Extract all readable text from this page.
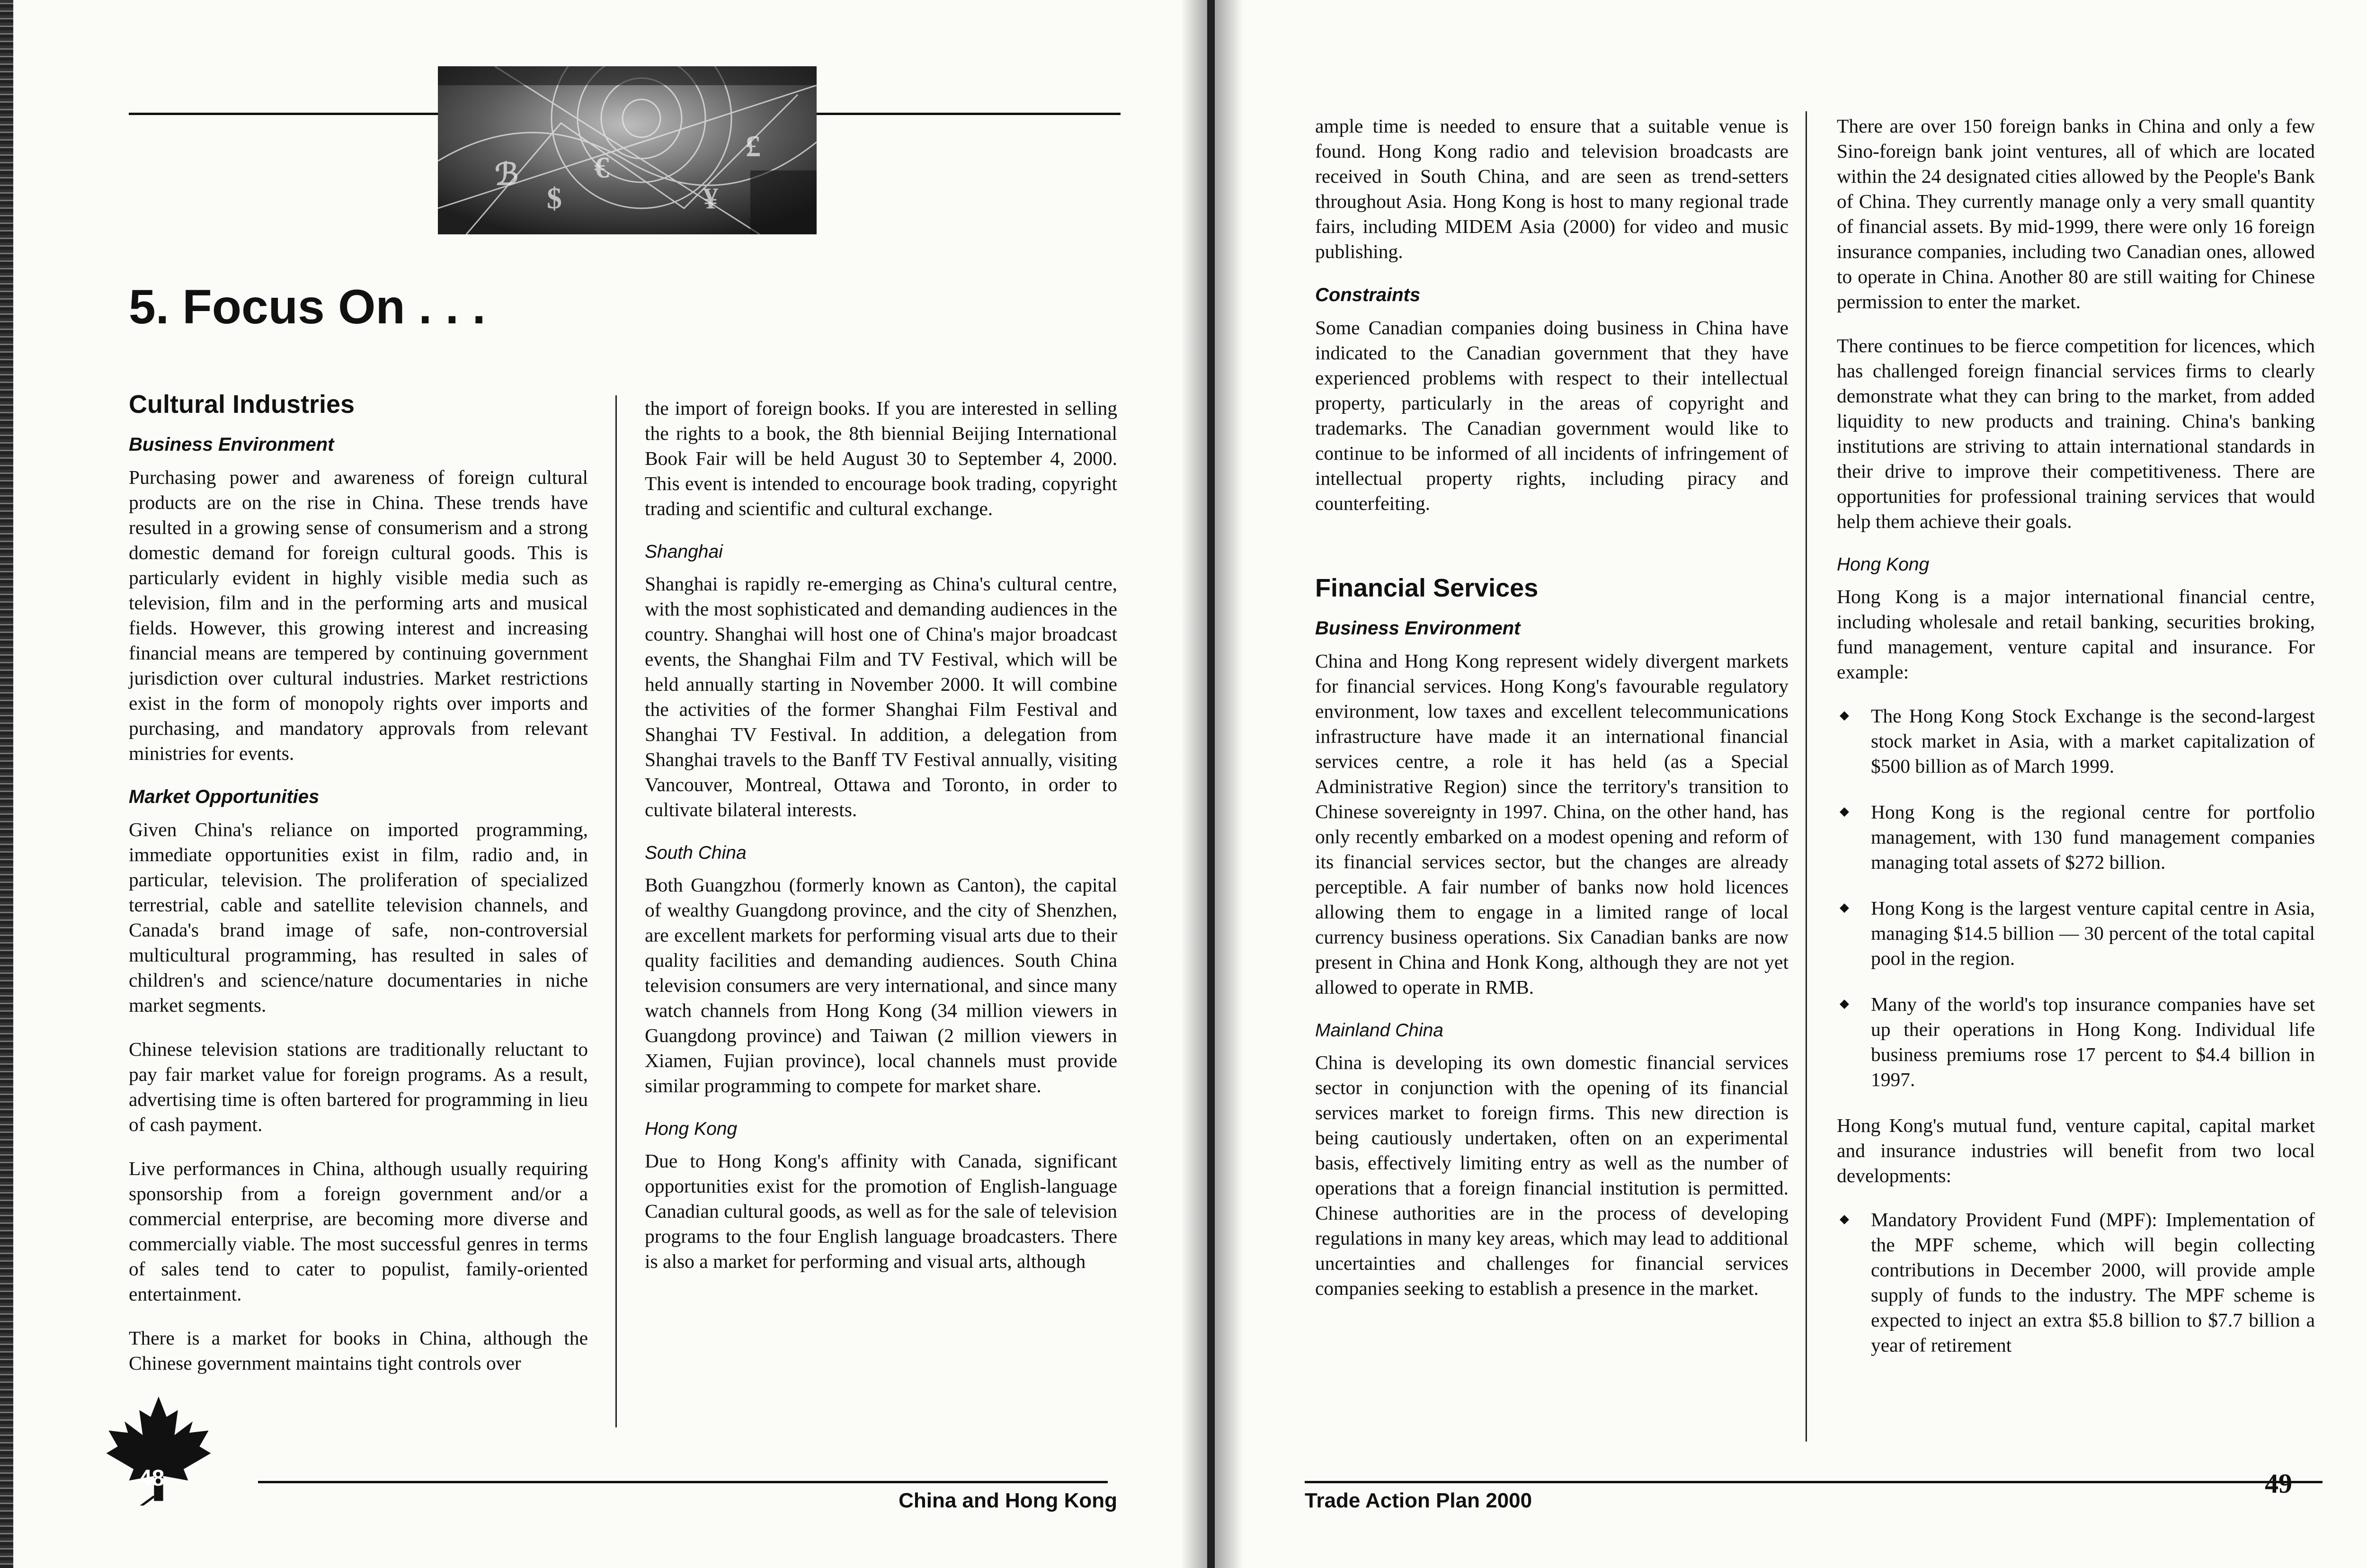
ℬ
$
€
¥
£
5. Focus On . . .
Cultural Industries
Business Environment

Purchasing power and awareness of foreign cultural products are on the rise in China. These trends have resulted in a growing sense of consumerism and a strong domestic demand for foreign cultural goods. This is particularly evident in highly visible media such as television, film and in the performing arts and musical fields. However, this growing interest and increasing financial means are tempered by continuing government jurisdiction over cultural industries. Market restrictions exist in the form of monopoly rights over imports and purchasing, and mandatory approvals from relevant ministries for events.

Market Opportunities

Given China's reliance on imported programming, immediate opportunities exist in film, radio and, in particular, television. The proliferation of specialized terrestrial, cable and satellite television channels, and Canada's brand image of safe, non-controversial multicultural programming, has resulted in sales of children's and science/nature documentaries in niche market segments.

Chinese television stations are traditionally reluctant to pay fair market value for foreign programs. As a result, advertising time is often bartered for programming in lieu of cash payment.

Live performances in China, although usually requiring sponsorship from a foreign government and/or a commercial enterprise, are becoming more diverse and commercially viable. The most successful genres in terms of sales tend to cater to populist, family-oriented entertainment.

There is a market for books in China, although the Chinese government maintains tight controls over

the import of foreign books. If you are interested in selling the rights to a book, the 8th biennial Beijing International Book Fair will be held August 30 to September 4, 2000. This event is intended to encourage book trading, copyright trading and scientific and cultural exchange.

Shanghai

Shanghai is rapidly re-emerging as China's cultural centre, with the most sophisticated and demanding audiences in the country. Shanghai will host one of China's major broadcast events, the Shanghai Film and TV Festival, which will be held annually starting in November 2000. It will combine the activities of the former Shanghai Film Festival and Shanghai TV Festival. In addition, a delegation from Shanghai travels to the Banff TV Festival annually, visiting Vancouver, Montreal, Ottawa and Toronto, in order to cultivate bilateral interests.

South China

Both Guangzhou (formerly known as Canton), the capital of wealthy Guangdong province, and the city of Shenzhen, are excellent markets for performing visual arts due to their quality facilities and demanding audiences. South China television consumers are very international, and since many watch channels from Hong Kong (34 million viewers in Guangdong province) and Taiwan (2 million viewers in Xiamen, Fujian province), local channels must provide similar programming to compete for market share.

Hong Kong

Due to Hong Kong's affinity with Canada, significant opportunities exist for the promotion of English-language Canadian cultural goods, as well as for the sale of television programs to the four English language broadcasters. There is also a market for performing and visual arts, although

48
China and Hong Kong

ample time is needed to ensure that a suitable venue is found. Hong Kong radio and television broadcasts are received in South China, and are seen as trend-setters throughout Asia. Hong Kong is host to many regional trade fairs, including MIDEM Asia (2000) for video and music publishing.

Constraints

Some Canadian companies doing business in China have indicated to the Canadian government that they have experienced problems with respect to their intellectual property, particularly in the areas of copyright and trademarks. The Canadian government would like to continue to be informed of all incidents of infringement of intellectual property rights, including piracy and counterfeiting.

Financial Services
Business Environment

China and Hong Kong represent widely divergent markets for financial services. Hong Kong's favourable regulatory environment, low taxes and excellent telecommunications infrastructure have made it an international financial services centre, a role it has held (as a Special Administrative Region) since the territory's transition to Chinese sovereignty in 1997. China, on the other hand, has only recently embarked on a modest opening and reform of its financial services sector, but the changes are already perceptible. A fair number of banks now hold licences allowing them to engage in a limited range of local currency business operations. Six Canadian banks are now present in China and Honk Kong, although they are not yet allowed to operate in RMB.

Mainland China

China is developing its own domestic financial services sector in conjunction with the opening of its financial services market to foreign firms. This new direction is being cautiously undertaken, often on an experimental basis, effectively limiting entry as well as the number of operations that a foreign financial institution is permitted. Chinese authorities are in the process of developing regulations in many key areas, which may lead to additional uncertainties and challenges for financial services companies seeking to establish a presence in the market.

There are over 150 foreign banks in China and only a few Sino-foreign bank joint ventures, all of which are located within the 24 designated cities allowed by the People's Bank of China. They currently manage only a very small quantity of financial assets. By mid-1999, there were only 16 foreign insurance companies, including two Canadian ones, allowed to operate in China. Another 80 are still waiting for Chinese permission to enter the market.

There continues to be fierce competition for licences, which has challenged foreign financial services firms to clearly demonstrate what they can bring to the market, from added liquidity to new products and training. China's banking institutions are striving to attain international standards in their drive to improve their competitiveness. There are opportunities for professional training services that would help them achieve their goals.

Hong Kong

Hong Kong is a major international financial centre, including wholesale and retail banking, securities broking, fund management, venture capital and insurance. For example:

◆ The Hong Kong Stock Exchange is the second-largest stock market in Asia, with a market capitalization of $500 billion as of March 1999.
◆ Hong Kong is the regional centre for portfolio management, with 130 fund management companies managing total assets of $272 billion.
◆ Hong Kong is the largest venture capital centre in Asia, managing $14.5 billion — 30 percent of the total capital pool in the region.
◆ Many of the world's top insurance companies have set up their operations in Hong Kong. Individual life business premiums rose 17 percent to $4.4 billion in 1997.

Hong Kong's mutual fund, venture capital, capital market and insurance industries will benefit from two local developments:

◆ Mandatory Provident Fund (MPF): Implementation of the MPF scheme, which will begin collecting contributions in December 2000, will provide ample supply of funds to the industry. The MPF scheme is expected to inject an extra $5.8 billion to $7.7 billion a year of retirement
Trade Action Plan 2000
49
